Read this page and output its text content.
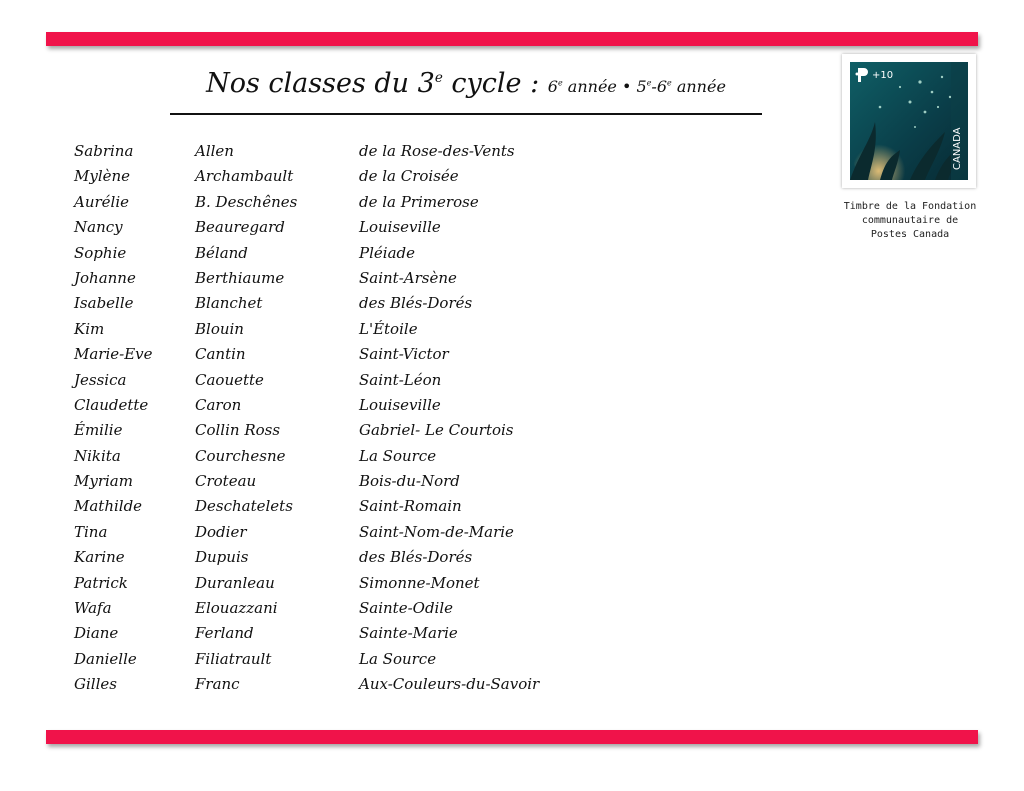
Nos classes du 3e cycle : 6e année • 5e-6e année
Sabrina	Allen	de la Rose-des-Vents
Mylène	Archambault	de la Croisée
Aurélie	B. Deschênes	de la Primerose
Nancy	Beauregard	Louiseville
Sophie	Béland	Pléiade
Johanne	Berthiaume	Saint-Arsène
Isabelle	Blanchet	des Blés-Dorés
Kim	Blouin	L'Étoile
Marie-Eve	Cantin	Saint-Victor
Jessica	Caouette	Saint-Léon
Claudette	Caron	Louiseville
Émilie	Collin Ross	Gabriel- Le Courtois
Nikita	Courchesne	La Source
Myriam	Croteau	Bois-du-Nord
Mathilde	Deschatelets	Saint-Romain
Tina	Dodier	Saint-Nom-de-Marie
Karine	Dupuis	des Blés-Dorés
Patrick	Duranleau	Simonne-Monet
Wafa	Elouazzani	Sainte-Odile
Diane	Ferland	Sainte-Marie
Danielle	Filiatrault	La Source
Gilles	Franc	Aux-Couleurs-du-Savoir
CANADA
+10
Timbre de la Fondation
communautaire de
Postes Canada
